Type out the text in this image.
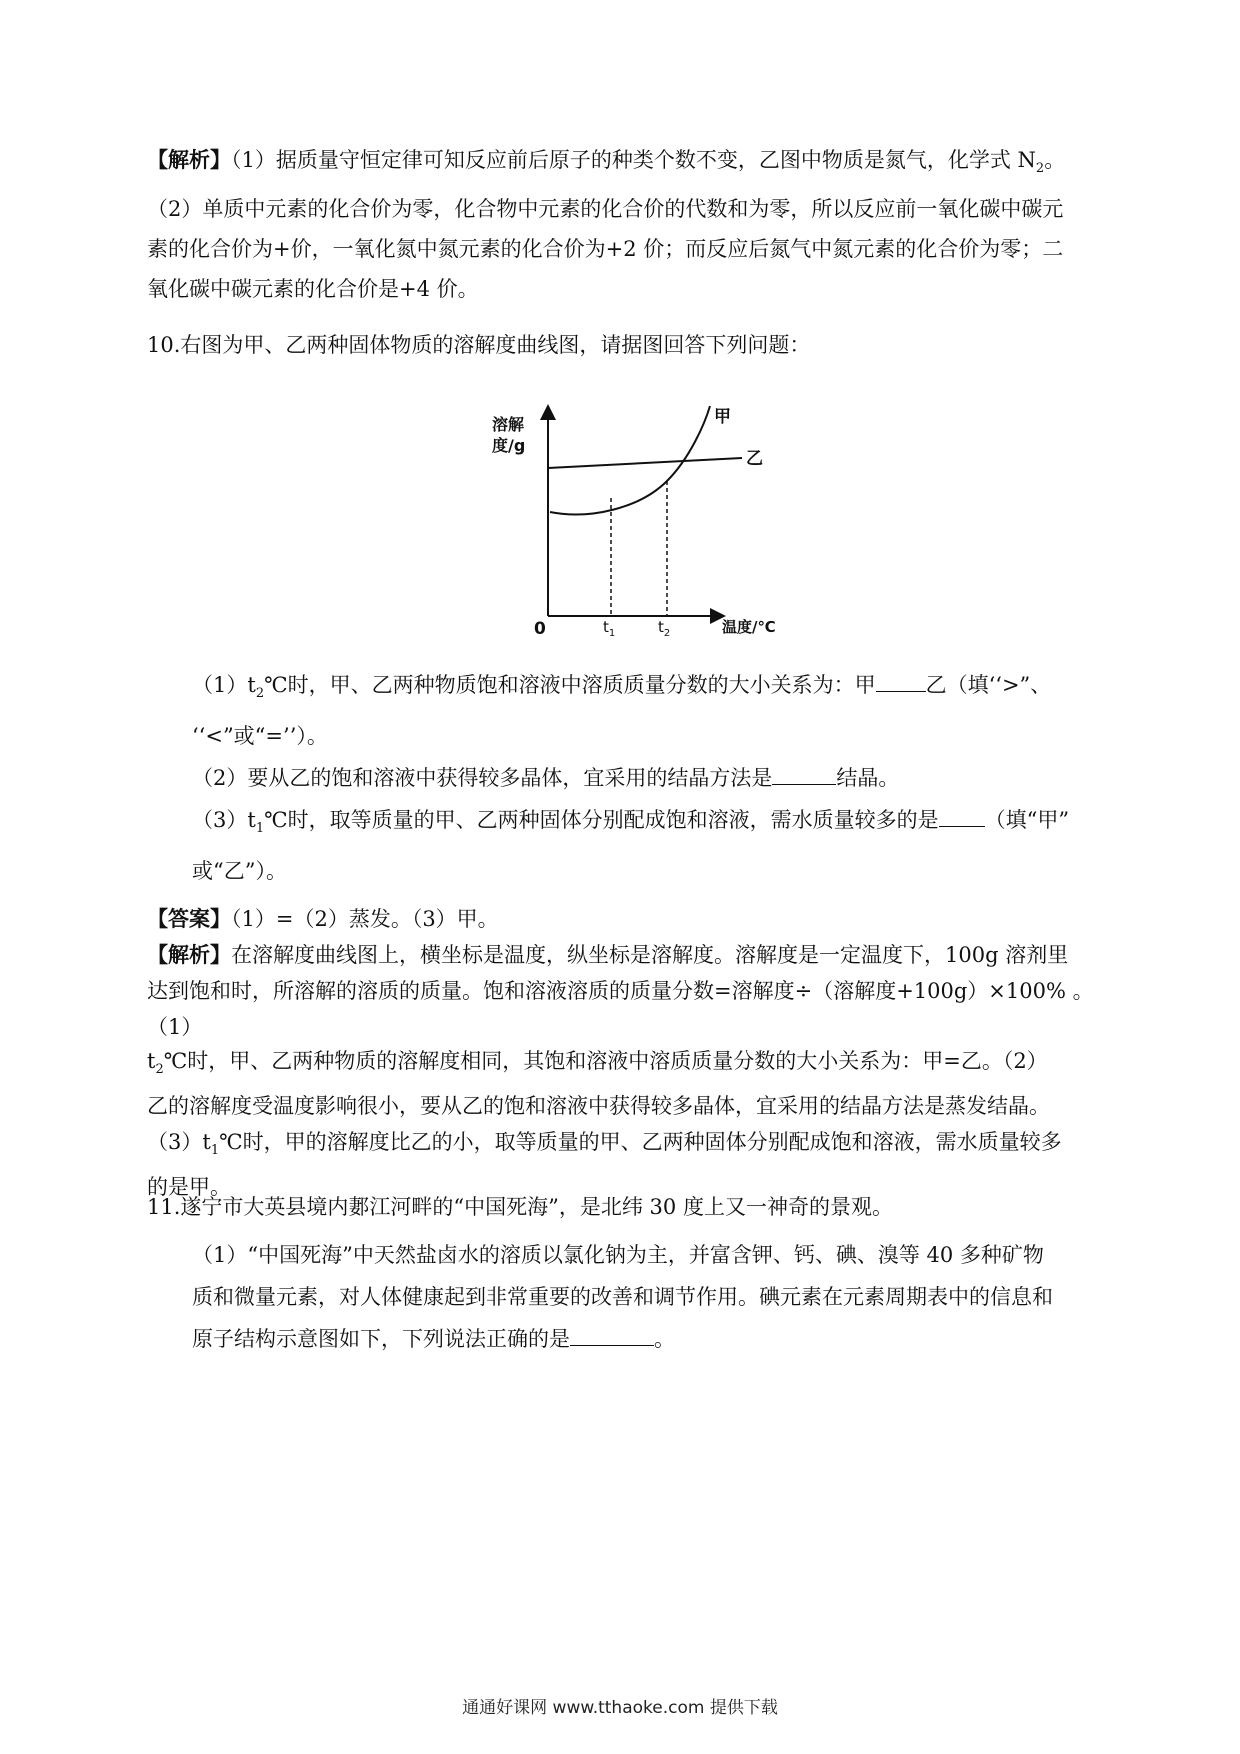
【解析】（1）据质量守恒定律可知反应前后原子的种类个数不变，乙图中物质是氮气，化学式 $N_2$。

（2）单质中元素的化合价为零，化合物中元素的化合价的代数和为零，所以反应前一氧化碳中碳元

素的化合价为+价，一氧化氮中氮元素的化合价为+2 价；而反应后氮气中氮元素的化合价为零；二

氧化碳中碳元素的化合价是+4 价。

10.右图为甲、乙两种固体物质的溶解度曲线图，请据图回答下列问题：

溶解
度/g
温度/℃
0	$t_1$	$t_2$
甲
乙

$(1)t_2℃$时，甲、乙两种物质饱和溶液中溶质质量分数的大小关系为：甲 乙（填‘‘>”、

‘‘<”或“=’’）。

（2）要从乙的饱和溶液中获得较多晶体，宜采用的结晶方法是	结晶。

$(3)t_1℃$时，取等质量的甲、乙两种固体分别配成饱和溶液，需水质量较多的是 （填“甲”

或“乙”）。

【答案】（1）=（2）蒸发。（3）甲。

【解析】在溶解度曲线图上，横坐标是温度，纵坐标是溶解度。溶解度是一定温度下，100g 溶剂里

达到饱和时，所溶解的溶质的质量。饱和溶液溶质的质量分数=溶解度÷（溶解度+100g）×100% 。

$(1)t_2℃$时，甲、乙两种物质的溶解度相同，其饱和溶液中溶质质量分数的大小关系为：甲=乙。（2）

乙的溶解度受温度影响很小，要从乙的饱和溶液中获得较多晶体，宜采用的结晶方法是蒸发结晶。

$(3)t_1℃$时，甲的溶解度比乙的小，取等质量的甲、乙两种固体分别配成饱和溶液，需水质量较多

的是甲。

11.遂宁市大英县境内郪江河畔的“中国死海”，是北纬 30 度上又一神奇的景观。

（1）“中国死海”中天然盐卤水的溶质以氯化钠为主，并富含钾、钙、碘、溴等 40 多种矿物

质和微量元素，对人体健康起到非常重要的改善和调节作用。碘元素在元素周期表中的信息和

原子结构示意图如下，下列说法正确的是	。

通通好课网 www.tthaoke.com 提供下载
